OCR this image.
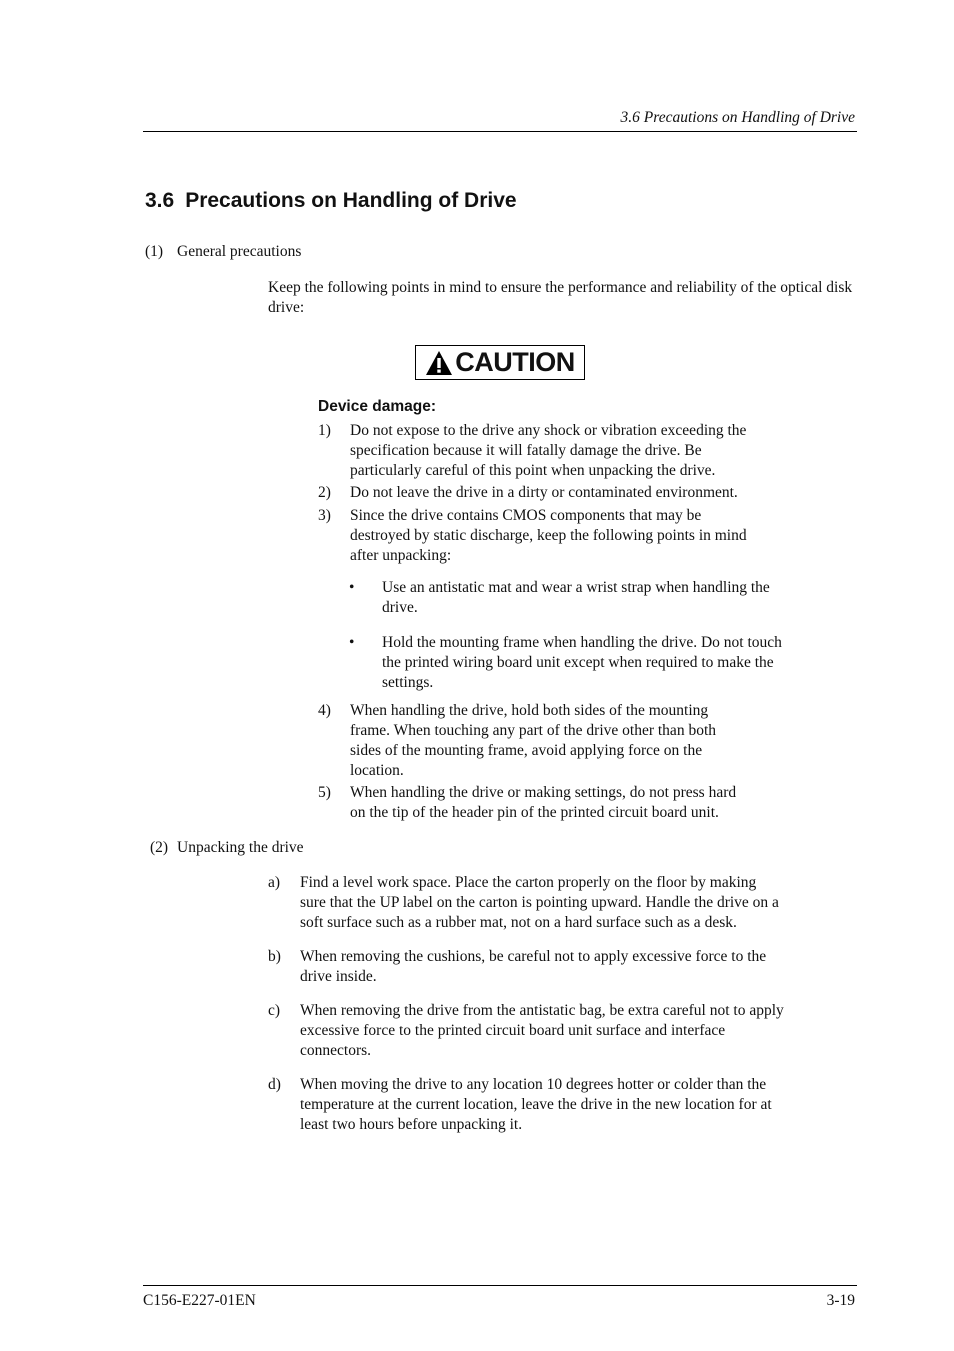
3.6 Precautions on Handling of Drive
3.6 Precautions on Handling of Drive
(1) General precautions

Keep the following points in mind to ensure the performance and reliability of the optical disk drive:

CAUTION
Device damage:
1) Do not expose to the drive any shock or vibration exceeding the
specification because it will fatally damage the drive. Be
particularly careful of this point when unpacking the drive.
2) Do not leave the drive in a dirty or contaminated environment.
3) Since the drive contains CMOS components that may be
destroyed by static discharge, keep the following points in mind
after unpacking:
• Use an antistatic mat and wear a wrist strap when handling the
drive.
• Hold the mounting frame when handling the drive. Do not touch
the printed wiring board unit except when required to make the
settings.
4) When handling the drive, hold both sides of the mounting
frame. When touching any part of the drive other than both
sides of the mounting frame, avoid applying force on the
location.
5) When handling the drive or making settings, do not press hard
on the tip of the header pin of the printed circuit board unit.
(2) Unpacking the drive
a) Find a level work space. Place the carton properly on the floor by making
sure that the UP label on the carton is pointing upward. Handle the drive on a
soft surface such as a rubber mat, not on a hard surface such as a desk.
b) When removing the cushions, be careful not to apply excessive force to the
drive inside.
c) When removing the drive from the antistatic bag, be extra careful not to apply
excessive force to the printed circuit board unit surface and interface
connectors.
d) When moving the drive to any location 10 degrees hotter or colder than the
temperature at the current location, leave the drive in the new location for at
least two hours before unpacking it.
C156-E227-01EN	3-19
